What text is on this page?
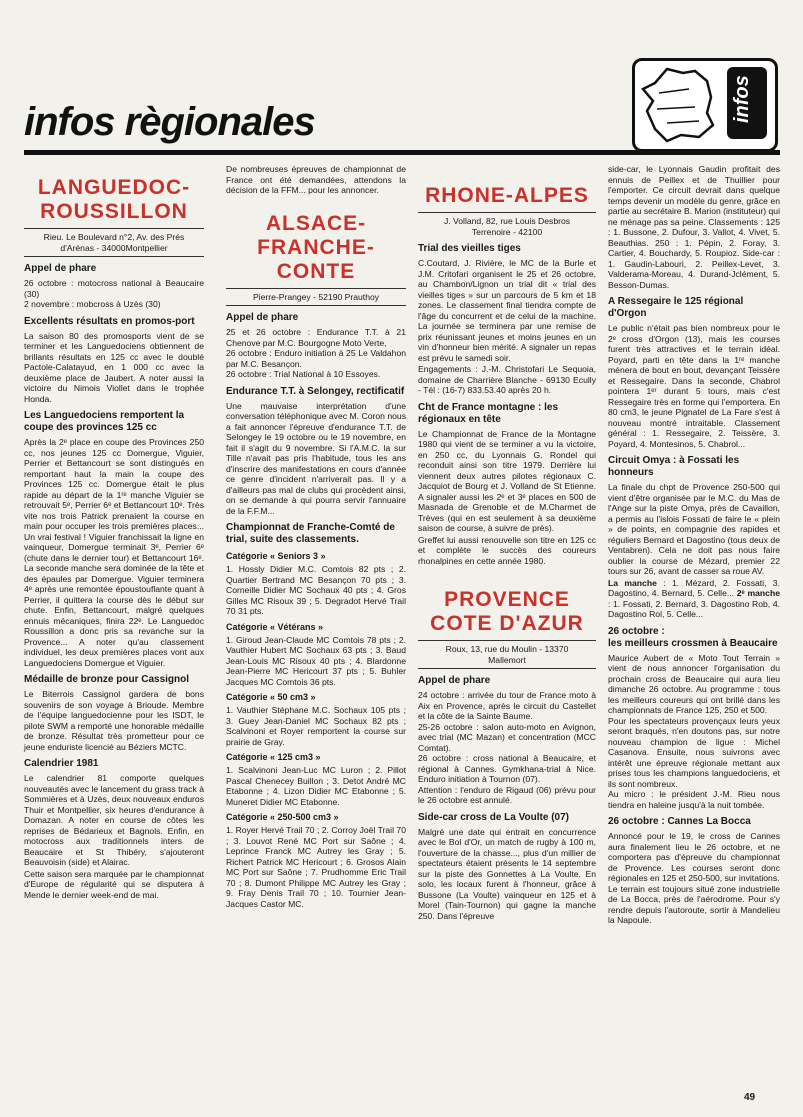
infos
infos règionales
LANGUEDOC-
ROUSSILLON
Rieu. Le Boulevard n°2, Av. des Prés
d'Arénas - 34000Montpellier
Appel de phare

26 octobre : motocross national à Beaucaire (30)
2 novembre : mobcross à Uzès (30)

Excellents résultats en promos-port

La saison 80 des promosports vient de se terminer et les Languedociens obtiennent de brillants résultats en 125 cc avec le doublé Pactole-Calatayud, en 1 000 cc avec la deuxième place de Jaubert. A noter aussi la victoire du Nimois Viollet dans le trophée Honda.

Les Languedociens remportent la coupe des provinces 125 cc

Après la 2ᵉ place en coupe des Provinces 250 cc, nos jeunes 125 cc Domergue, Viguier, Perrier et Bettancourt se sont distingués en remportant haut la main la coupe des Provinces 125 cc. Domergue était le plus rapide au départ de la 1ʳᵉ manche Viguier se retrouvait 5ᵉ, Perrier 6ᵉ et Bettancourt 10ᵉ. Très vite nos trois Patrick prenaient la course en main pour occuper les trois premières places... Un vrai festival ! Viguier franchissait la ligne en vainqueur, Domergue terminait 3ᵉ, Perrier 6ᵉ (chute dans le dernier tour) et Bettancourt 16ᵉ. La seconde manche sera dominée de la tête et des épaules par Domergue. Viguier terminera 4ᵉ après une remontée époustouflante quant à Perrier, il quittera la course dès le début sur chute. Enfin, Bettancourt, malgré quelques ennuis mécaniques, finira 22ᵉ. Le Languedoc Roussillon a donc pris sa revanche sur la Provence... A noter qu'au classement individuel, les deux premières places vont aux Languedociens Domergue et Viguier.

Médaille de bronze pour Cassignol

Le Biterrois Cassignol gardera de bons souvenirs de son voyage à Brioude. Membre de l'équipe languedocienne pour les ISDT, le pilote SWM a remporté une honorable médaille de bronze. Résultat très prometteur pour ce jeune enduriste licencié au Béziers MCTC.

Calendrier 1981

Le calendrier 81 comporte quelques nouveautés avec le lancement du grass track à Sommières et à Uzès, deux nouveaux enduros Thuir et Montpellier, six heures d'endurance à Domazan. A noter en course de côtes les reprises de Bédarieux et Bagnols. Enfin, en motocross aux traditionnels inters de Beaucaire et St Thibéry, s'ajouteront Beauvoisin (side) et Alairac.

Cette saison sera marquée par le championnat d'Europe de régularité qui se disputera à Mende le dernier week-end de mai.

De nombreuses épreuves de championnat de France ont été demandées, attendons la décision de la FFM... pour les annoncer.

ALSACE-
FRANCHE-
CONTE
Pierre-Prangey - 52190 Prauthoy
Appel de phare

25 et 26 octobre : Endurance T.T. à 21 Chenove par M.C. Bourgogne Moto Verte,
26 octobre : Enduro initiation à 25 Le Valdahon par M.C. Besançon.
26 octobre : Trial National à 10 Essoyes.

Endurance T.T. à Selongey, rectificatif

Une mauvaise interprétation d'une conversation téléphonique avec M. Coron nous a fait annoncer l'épreuve d'endurance T.T. de Selongey le 19 octobre ou le 19 novembre, en fait il s'agit du 9 novembre. Si l'A.M.C. la sur Tille n'avait pas pris l'habitude, tous les ans d'inscrire des manifestations en cours d'année ce genre d'incident n'arriverait pas. Il y a d'ailleurs pas mal de clubs qui procèdent ainsi, on se demande à qui pourra servir l'annuaire de la F.F.M...

Championnat de Franche-Comté de trial, suite des classements.
Catégorie « Seniors 3 »

1. Hossly Didier M.C. Comtois 82 pts ; 2. Quartier Bertrand MC Besançon 70 pts ; 3. Corneille Didier MC Sochaux 40 pts ; 4. Gros Gilles MC Risoux 39 ; 5. Degradot Hervé Trail 70 31 pts.

Catégorie « Vétérans »

1. Giroud Jean-Claude MC Comtois 78 pts ; 2. Vauthier Hubert MC Sochaux 63 pts ; 3. Baud Jean-Louis MC Risoux 40 pts ; 4. Blardonne Jean-Pierre MC Hericourt 37 pts ; 5. Buhler Jacques MC Comtois 36 pts.

Catégorie « 50 cm3 »

1. Vauthier Stéphane M.C. Sochaux 105 pts ; 3. Guey Jean-Daniel MC Sochaux 82 pts ; Scalvinoni et Royer remportent la course sur prairie de Gray.

Catégorie « 125 cm3 »

1. Scalvinoni Jean-Luc MC Luron ; 2. Pillot Pascal Chenecey Buillon ; 3. Detot André MC Etabonne ; 4. Lizon Didier MC Etabonne ; 5. Muneret Didier MC Etabonne.

Catégorie « 250-500 cm3 »

1. Royer Hervé Trail 70 ; 2. Corroy Joël Trail 70 ; 3. Louvot René MC Port sur Saône ; 4. Leprince Franck MC Autrey les Gray ; 5. Richert Patrick MC Hericourt ; 6. Grosos Alain MC Port sur Saône ; 7. Prudhomme Eric Trail 70 ; 8. Dumont Philippe MC Autrey les Gray ; 9. Fray Denis Trail 70 ; 10. Tournier Jean-Jacques Castor MC.

RHONE-ALPES
J. Volland, 82, rue Louis Desbros
Terrenoire - 42100
Trial des vieilles tiges

C.Coutard, J. Rivière, le MC de la Burle et J.M. Critofari organisent le 25 et 26 octobre, au Chambon/Lignon un trial dit « trial des vieilles tiges » sur un parcours de 5 km et 18 zones. Le classement final tiendra compte de l'âge du concurrent et de celui de la machine. La journée se terminera par une remise de prix réunissant jeunes et moins jeunes en un vin d'honneur bien mérité. A signaler un repas est prévu le samedi soir.

Engagements : J.-M. Christofari Le Sequoia, domaine de Charrière Blanche - 69130 Ecully - Tél : (16-7) 833.53.40 après 20 h.

Cht de France montagne : les régionaux en tête

Le Championnat de France de la Montagne 1980 qui vient de se terminer a vu la victoire, en 250 cc, du Lyonnais G. Rondel qui reconduit ainsi son titre 1979. Derrière lui viennent deux autres pilotes régionaux C. Jacquiot de Bourg et J. Volland de St Etienne. A signaler aussi les 2ᵉ et 3ᵉ places en 500 de Masnada de Grenoble et de M.Charmet de Trèves (qui en est seulement à sa deuxième saison de course, à suivre de près).

Greffet lui aussi renouvelle son titre en 125 cc et complète le succès des coureurs rhonalpines en cette année 1980.

PROVENCE
COTE D'AZUR
Roux, 13, rue du Moulin - 13370
Mallemort
Appel de phare

24 octobre : arrivée du tour de France moto à Aix en Provence, après le circuit du Castellet et la côte de la Sainte Baume.
25-26 octobre : salon auto-moto en Avignon, avec trial (MC Mazan) et concentration (MCC Comtat).
26 octobre : cross national à Beaucaire, et régional à Cannes. Gymkhana-trial à Nice. Enduro initiation à Tournon (07).
Attention : l'enduro de Rigaud (06) prévu pour le 26 octobre est annulé.

Side-car cross de La Voulte (07)

Malgré une date qui entrait en concurrence avec le Bol d'Or, un match de rugby à 100 m, l'ouverture de la chasse..., plus d'un millier de spectateurs étaient présents le 14 septembre sur la piste des Gonnettes à La Voulte. En solo, les locaux furent à l'honneur, grâce à Bussone (La Voulte) vainqueur en 125 et à Morel (Tain-Tournon) qui gagne la manche 250. Dans l'épreuve

side-car, le Lyonnais Gaudin profitait des ennuis de Peillex et de Thuillier pour l'emporter. Ce circuit devrait dans quelque temps devenir un modèle du genre, grâce en partie au secrétaire B. Marion (instituteur) qui ne ménage pas sa peine. Classements : 125 : 1. Bussone, 2. Dufour, 3. Vallot, 4. Vivet, 5. Beauthias. 250 : 1. Pépin, 2. Foray, 3. Cartier, 4. Bouchardy, 5. Roupioz. Side-car : 1. Gaudin-Labouri, 2. Peillex-Levet, 3. Valderama-Moreau, 4. Durand-Jclément, 5. Besson-Dumas.

A Ressegaire le 125 régional d'Orgon

Le public n'était pas bien nombreux pour le 2ᵉ cross d'Orgon (13), mais les courses furent très attractives et le terrain idéal. Poyard, parti en tête dans la 1ʳᵉ manche ménera de bout en bout, devançant Teissère et Ressegaire. Dans la seconde, Chabrol pointera 1ᵉʳ durant 5 tours, mais c'est Ressegaire très en forme qui l'emportera. En 80 cm3, le jeune Pignatel de La Fare s'est à nouveau montré intraitable. Classement général : 1. Ressegaire, 2. Teissère, 3. Poyard, 4. Montesinos, 5. Chabrol...

Circuit Omya : à Fossati les honneurs

La finale du chpt de Provence 250-500 qui vient d'être organisée par le M.C. du Mas de l'Ange sur la piste Omya, près de Cavaillon, a permis au l'islois Fossati de faire le « plein » de points, en compagnie des rapides et réguliers Bernard et Dagostino (tous deux de Ventabren). Cela ne doit pas nous faire oublier la course de Mézard, premier 22 tours sur 26, avant de casser sa roue AV.

La manche : 1. Mézard, 2. Fossati, 3. Dagostino, 4. Bernard, 5. Celle... 2ᵉ manche : 1. Fossati, 2. Bernard, 3. Dagostino Rob, 4. Dagostino Rol, 5. Celle...

26 octobre :
les meilleurs crossmen à Beaucaire

Maurice Aubert de « Moto Tout Terrain » vient de nous annoncer l'organisation du prochain cross de Beaucaire qui aura lieu dimanche 26 octobre. Au programme : tous les meilleurs coureurs qui ont brillé dans les championnats de France 125, 250 et 500.
Pour les spectateurs provençaux leurs yeux seront braqués, n'en doutons pas, sur notre nouveau champion de ligue : Michel Casanova. Ensuite, nous suivrons avec intérêt une épreuve régionale mettant aux prises tous les champions languedociens, et ils sont nombreux.
Au micro : le président J.-M. Rieu nous tiendra en haleine jusqu'à la nuit tombée.

26 octobre : Cannes La Bocca

Annoncé pour le 19, le cross de Cannes aura finalement lieu le 26 octobre, et ne comportera pas d'épreuve du championnat de Provence. Les courses seront donc régionales en 125 et 250-500, sur invitations.
Le terrain est toujours situé zone industrielle de La Bocca, près de l'aérodrome. Pour s'y rendre depuis l'autoroute, sortir à Mandelieu la Napoule.

49
